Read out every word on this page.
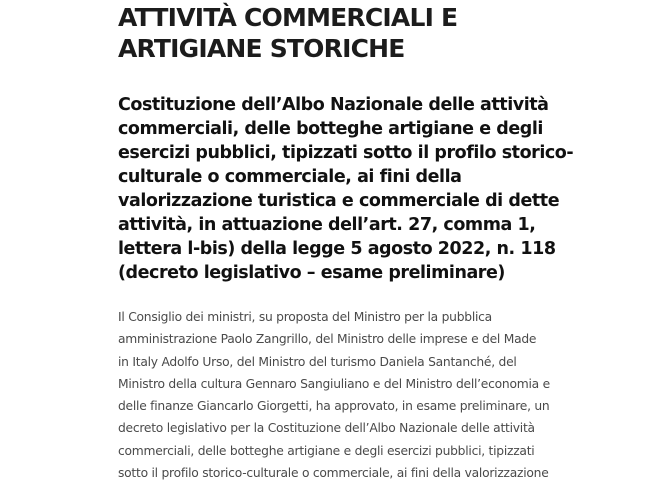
ATTIVITÀ COMMERCIALI E
ARTIGIANE STORICHE
Costituzione dell’Albo Nazionale delle attività
commerciali, delle botteghe artigiane e degli
esercizi pubblici, tipizzati sotto il profilo storico-
culturale o commerciale, ai fini della
valorizzazione turistica e commerciale di dette
attività, in attuazione dell’art. 27, comma 1,
lettera l-bis) della legge 5 agosto 2022, n. 118
(decreto legislativo – esame preliminare)

Il Consiglio dei ministri, su proposta del Ministro per la pubblica
amministrazione Paolo Zangrillo, del Ministro delle imprese e del Made
in Italy Adolfo Urso, del Ministro del turismo Daniela Santanché, del
Ministro della cultura Gennaro Sangiuliano e del Ministro dell’economia e
delle finanze Giancarlo Giorgetti, ha approvato, in esame preliminare, un
decreto legislativo per la Costituzione dell’Albo Nazionale delle attività
commerciali, delle botteghe artigiane e degli esercizi pubblici, tipizzati
sotto il profilo storico-culturale o commerciale, ai fini della valorizzazione
